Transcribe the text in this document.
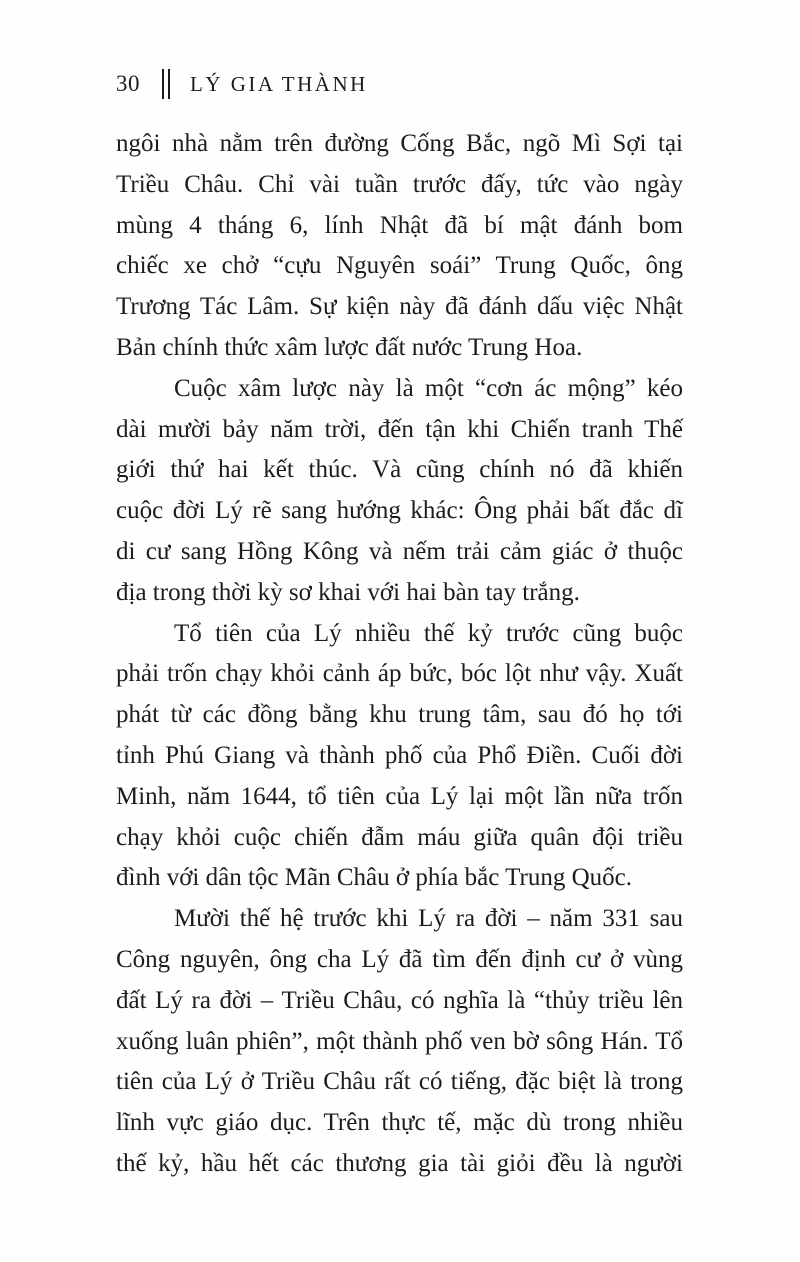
30 LÝ GIA THÀNH
ngôi nhà nằm trên đường Cống Bắc, ngõ Mì Sợi tại
Triều Châu. Chỉ vài tuần trước đấy, tức vào ngày
mùng 4 tháng 6, lính Nhật đã bí mật đánh bom
chiếc xe chở “cựu Nguyên soái” Trung Quốc, ông
Trương Tác Lâm. Sự kiện này đã đánh dấu việc Nhật
Bản chính thức xâm lược đất nước Trung Hoa.
Cuộc xâm lược này là một “cơn ác mộng” kéo
dài mười bảy năm trời, đến tận khi Chiến tranh Thế
giới thứ hai kết thúc. Và cũng chính nó đã khiến
cuộc đời Lý rẽ sang hướng khác: Ông phải bất đắc dĩ
di cư sang Hồng Kông và nếm trải cảm giác ở thuộc
địa trong thời kỳ sơ khai với hai bàn tay trắng.
Tổ tiên của Lý nhiều thế kỷ trước cũng buộc
phải trốn chạy khỏi cảnh áp bức, bóc lột như vậy. Xuất
phát từ các đồng bằng khu trung tâm, sau đó họ tới
tỉnh Phú Giang và thành phố của Phổ Điền. Cuối đời
Minh, năm 1644, tổ tiên của Lý lại một lần nữa trốn
chạy khỏi cuộc chiến đẫm máu giữa quân đội triều
đình với dân tộc Mãn Châu ở phía bắc Trung Quốc.
Mười thế hệ trước khi Lý ra đời – năm 331 sau
Công nguyên, ông cha Lý đã tìm đến định cư ở vùng
đất Lý ra đời – Triều Châu, có nghĩa là “thủy triều lên
xuống luân phiên”, một thành phố ven bờ sông Hán. Tổ
tiên của Lý ở Triều Châu rất có tiếng, đặc biệt là trong
lĩnh vực giáo dục. Trên thực tế, mặc dù trong nhiều
thế kỷ, hầu hết các thương gia tài giỏi đều là người
